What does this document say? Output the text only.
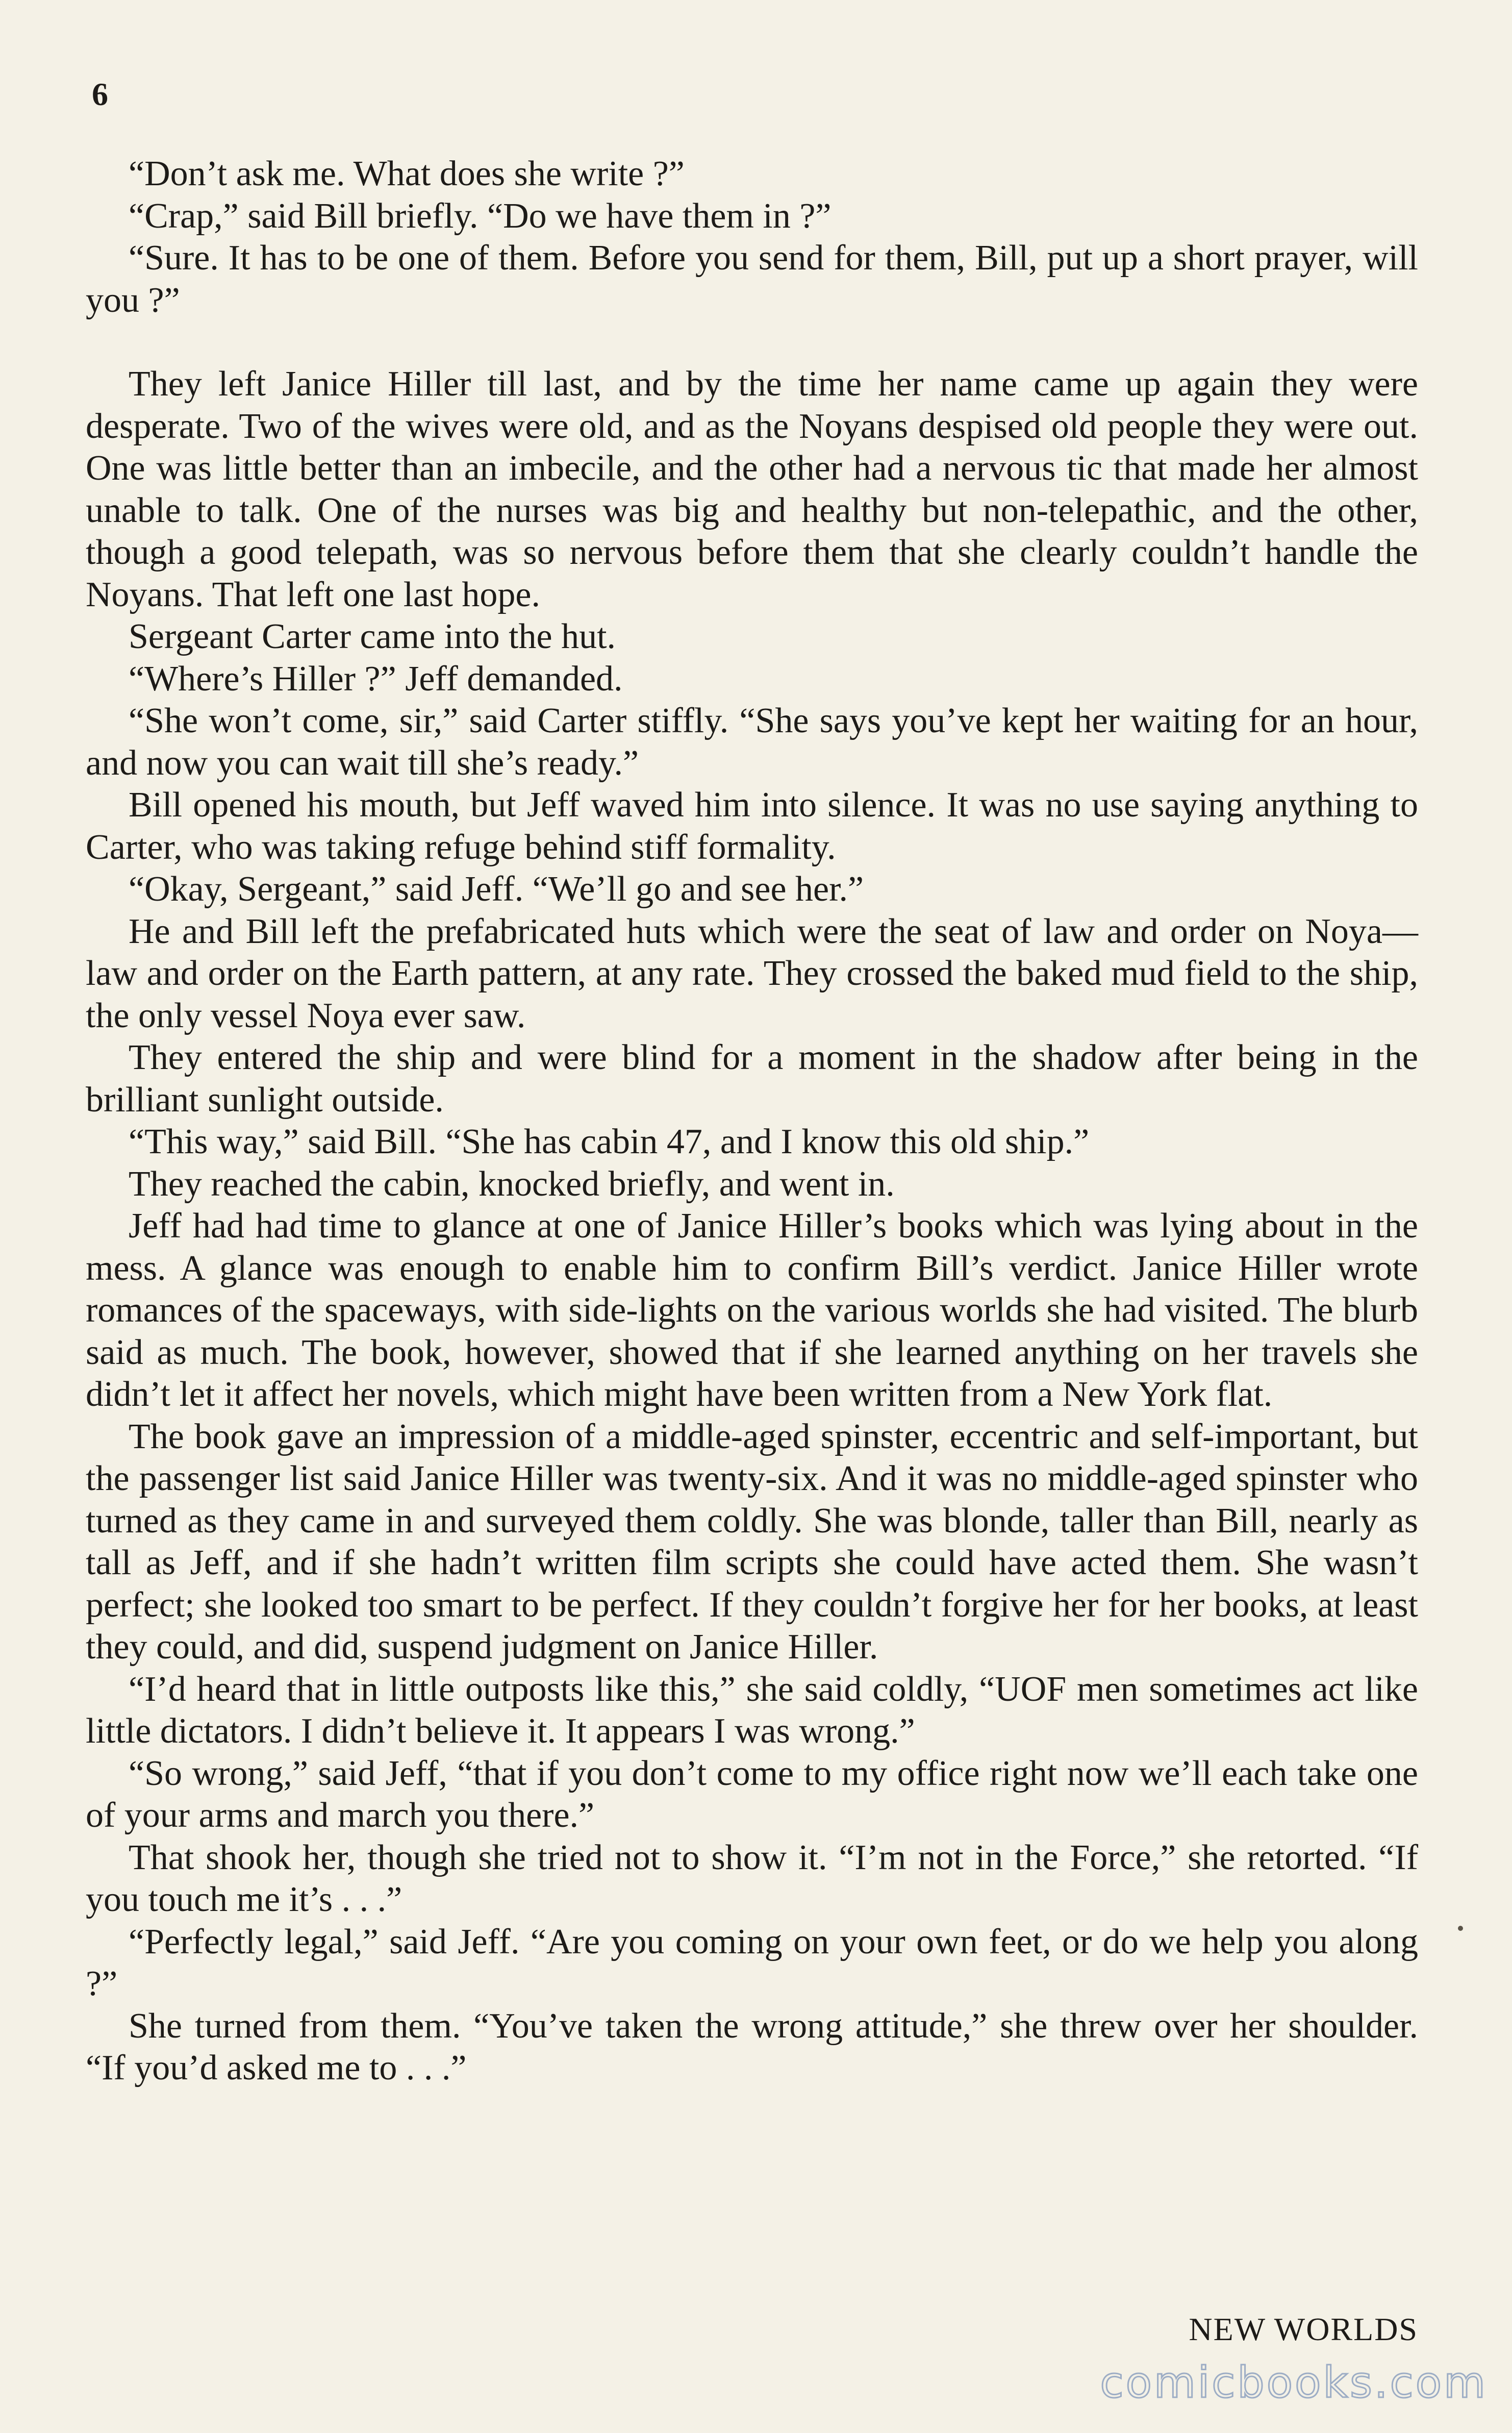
6

“Don’t ask me. What does she write ?”

“Crap,” said Bill briefly. “Do we have them in ?”

“Sure. It has to be one of them. Before you send for them, Bill, put up a short prayer, will you ?”

They left Janice Hiller till last, and by the time her name came up again they were desperate. Two of the wives were old, and as the Noyans despised old people they were out. One was little better than an imbecile, and the other had a nervous tic that made her almost unable to talk. One of the nurses was big and healthy but non-telepathic, and the other, though a good telepath, was so nervous before them that she clearly couldn’t handle the Noyans. That left one last hope.

Sergeant Carter came into the hut.

“Where’s Hiller ?” Jeff demanded.

“She won’t come, sir,” said Carter stiffly. “She says you’ve kept her waiting for an hour, and now you can wait till she’s ready.”

Bill opened his mouth, but Jeff waved him into silence. It was no use saying anything to Carter, who was taking refuge behind stiff formality.

“Okay, Sergeant,” said Jeff. “We’ll go and see her.”

He and Bill left the prefabricated huts which were the seat of law and order on Noya—law and order on the Earth pattern, at any rate. They crossed the baked mud field to the ship, the only vessel Noya ever saw.

They entered the ship and were blind for a moment in the shadow after being in the brilliant sunlight outside.

“This way,” said Bill. “She has cabin 47, and I know this old ship.”

They reached the cabin, knocked briefly, and went in.

Jeff had had time to glance at one of Janice Hiller’s books which was lying about in the mess. A glance was enough to enable him to confirm Bill’s verdict. Janice Hiller wrote romances of the spaceways, with side-lights on the various worlds she had visited. The blurb said as much. The book, however, showed that if she learned anything on her travels she didn’t let it affect her novels, which might have been written from a New York flat.

The book gave an impression of a middle-aged spinster, eccentric and self-important, but the passenger list said Janice Hiller was twenty-six. And it was no middle-aged spinster who turned as they came in and surveyed them coldly. She was blonde, taller than Bill, nearly as tall as Jeff, and if she hadn’t written film scripts she could have acted them. She wasn’t perfect; she looked too smart to be perfect. If they couldn’t forgive her for her books, at least they could, and did, suspend judgment on Janice Hiller.

“I’d heard that in little outposts like this,” she said coldly, “UOF men sometimes act like little dictators. I didn’t believe it. It appears I was wrong.”

“So wrong,” said Jeff, “that if you don’t come to my office right now we’ll each take one of your arms and march you there.”

That shook her, though she tried not to show it. “I’m not in the Force,” she retorted. “If you touch me it’s . . .”

“Perfectly legal,” said Jeff. “Are you coming on your own feet, or do we help you along ?”

She turned from them. “You’ve taken the wrong attitude,” she threw over her shoulder. “If you’d asked me to . . .”

NEW WORLDS
comicbooks.com
